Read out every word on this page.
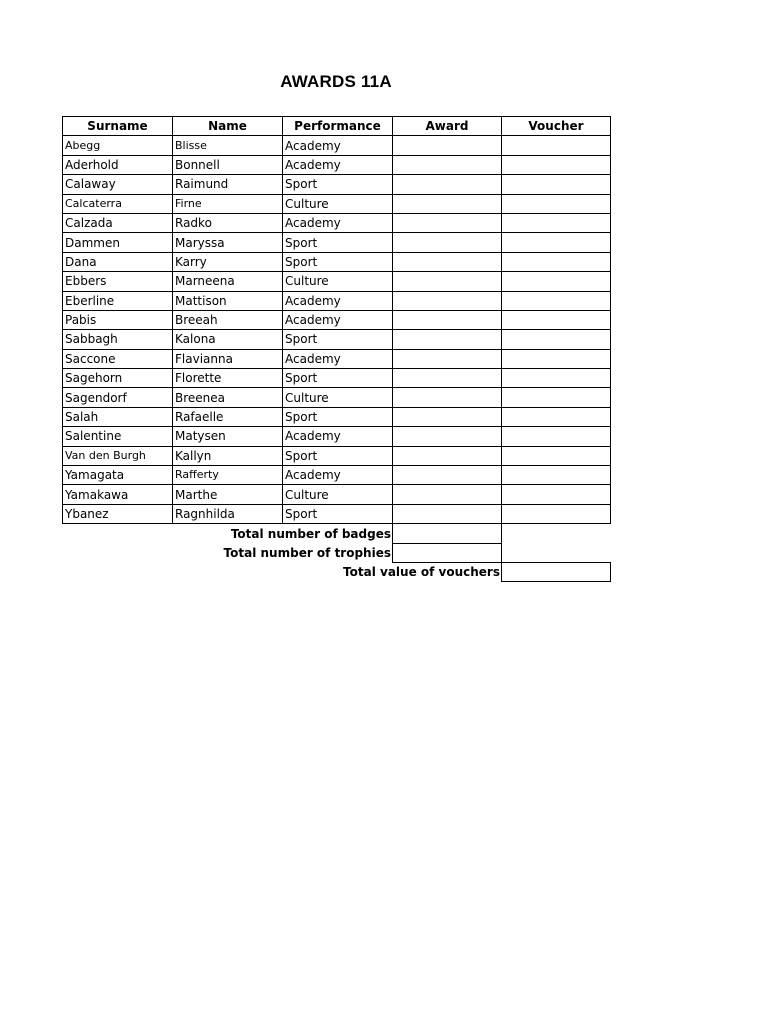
AWARDS 11A
Surname	Name	Performance	Award	Voucher
Abegg	Blisse	Academy		
Aderhold	Bonnell	Academy		
Calaway	Raimund	Sport		
Calcaterra	Firne	Culture		
Calzada	Radko	Academy		
Dammen	Maryssa	Sport		
Dana	Karry	Sport		
Ebbers	Marneena	Culture		
Eberline	Mattison	Academy		
Pabis	Breeah	Academy		
Sabbagh	Kalona	Sport		
Saccone	Flavianna	Academy		
Sagehorn	Florette	Sport		
Sagendorf	Breenea	Culture		
Salah	Rafaelle	Sport		
Salentine	Matysen	Academy		
Van den Burgh	Kallyn	Sport		
Yamagata	Rafferty	Academy		
Yamakawa	Marthe	Culture		
Ybanez	Ragnhilda	Sport		
Total number of badges				
Total number of trophies				
Total value of vouchers				
